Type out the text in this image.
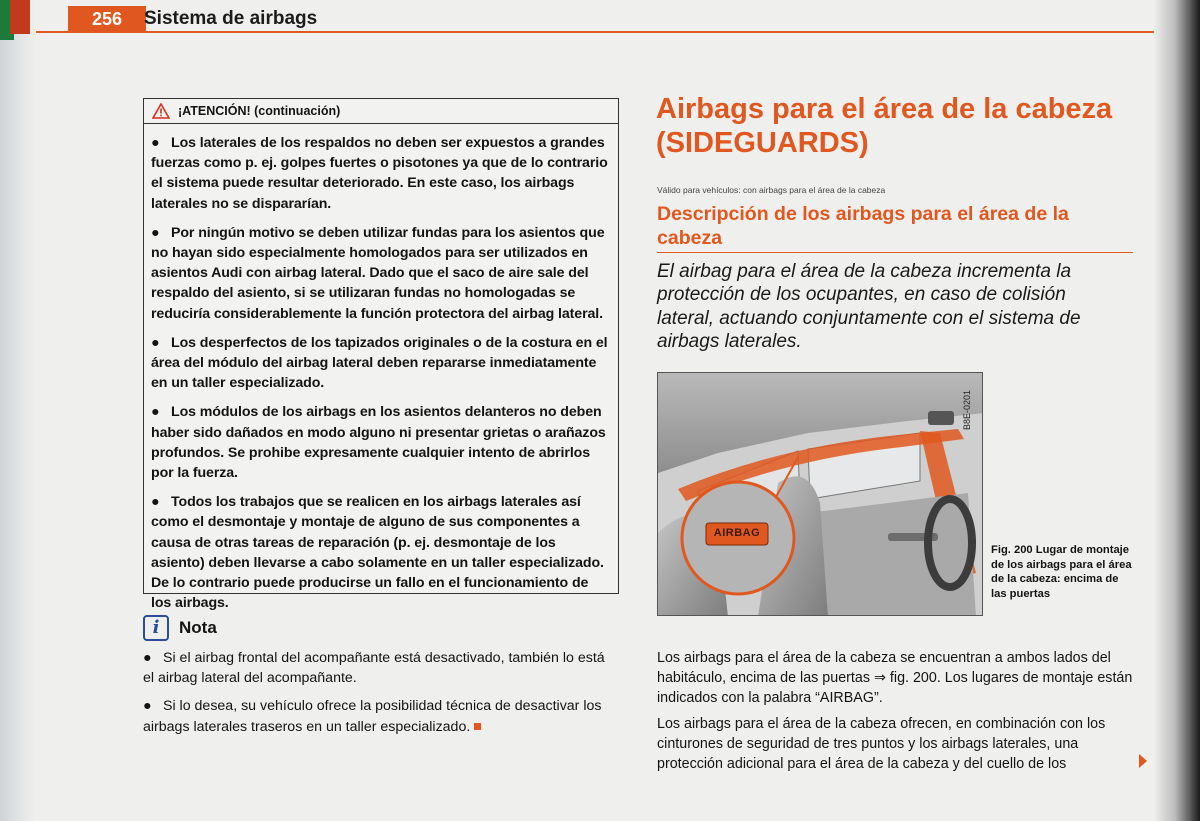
256	Sistema de airbags
¡ATENCIÓN! (continuación)

● Los laterales de los respaldos no deben ser expuestos a grandes fuerzas como p. ej. golpes fuertes o pisotones ya que de lo contrario el sistema puede resultar deteriorado. En este caso, los airbags laterales no se dispararían.

● Por ningún motivo se deben utilizar fundas para los asientos que no hayan sido especialmente homologados para ser utilizados en asientos Audi con airbag lateral. Dado que el saco de aire sale del respaldo del asiento, si se utilizaran fundas no homologadas se reduciría considerablemente la función protectora del airbag lateral.

● Los desperfectos de los tapizados originales o de la costura en el área del módulo del airbag lateral deben repararse inmediatamente en un taller especializado.

● Los módulos de los airbags en los asientos delanteros no deben haber sido dañados en modo alguno ni presentar grietas o arañazos profundos. Se prohibe expresamente cualquier intento de abrirlos por la fuerza.

● Todos los trabajos que se realicen en los airbags laterales así como el desmontaje y montaje de alguno de sus componentes a causa de otras tareas de reparación (p. ej. desmontaje de los asiento) deben llevarse a cabo solamente en un taller especializado. De lo contrario puede producirse un fallo en el funcionamiento de los airbags.

i	Nota

● Si el airbag frontal del acompañante está desactivado, también lo está el airbag lateral del acompañante.

● Si lo desea, su vehículo ofrece la posibilidad técnica de desactivar los airbags laterales traseros en un taller especializado.

Airbags para el área de la cabeza (SIDEGUARDS)
Válido para vehículos: con airbags para el área de la cabeza
Descripción de los airbags para el área de la cabeza
El airbag para el área de la cabeza incrementa la protección de los ocupantes, en caso de colisión lateral, actuando conjuntamente con el sistema de airbags laterales.
AIRBAG
B8E-0201
Fig. 200 Lugar de montaje de los airbags para el área de la cabeza: encima de las puertas

Los airbags para el área de la cabeza se encuentran a ambos lados del habitáculo, encima de las puertas ⇒ fig. 200. Los lugares de montaje están indicados con la palabra “AIRBAG”.

Los airbags para el área de la cabeza ofrecen, en combinación con los cinturones de seguridad de tres puntos y los airbags laterales, una protección adicional para el área de la cabeza y del cuello de los
